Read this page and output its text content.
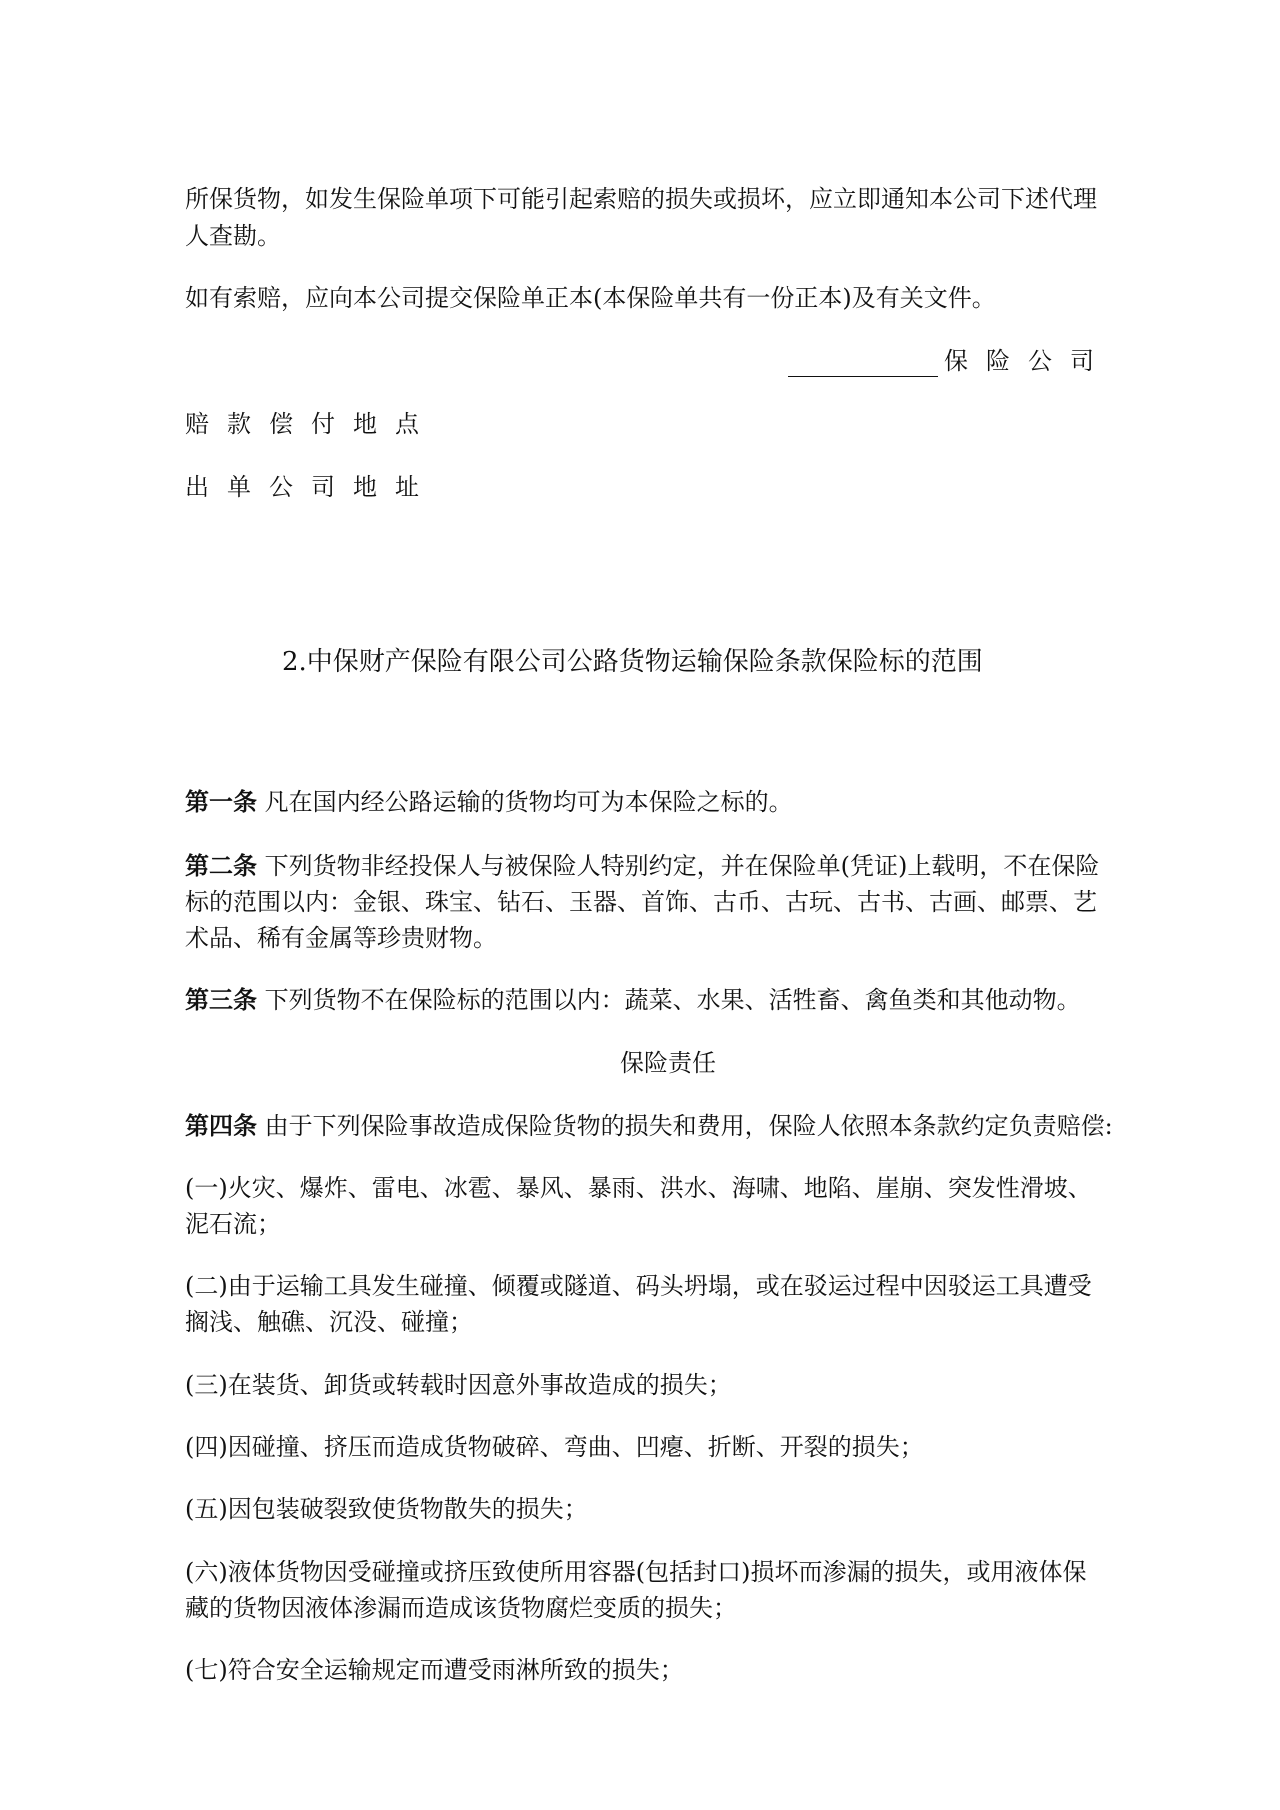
所保货物，如发生保险单项下可能引起索赔的损失或损坏，应立即通知本公司下述代理
人查勘。
如有索赔，应向本公司提交保险单正本(本保险单共有一份正本)及有关文件。
保险公司
赔款偿付地点
出单公司地址
2.中保财产保险有限公司公路货物运输保险条款保险标的范围
第一条 凡在国内经公路运输的货物均可为本保险之标的。
第二条 下列货物非经投保人与被保险人特别约定，并在保险单(凭证)上载明，不在保险
标的范围以内：金银、珠宝、钻石、玉器、首饰、古币、古玩、古书、古画、邮票、艺
术品、稀有金属等珍贵财物。
第三条 下列货物不在保险标的范围以内：蔬菜、水果、活牲畜、禽鱼类和其他动物。
保险责任
第四条 由于下列保险事故造成保险货物的损失和费用，保险人依照本条款约定负责赔偿:
(一)火灾、爆炸、雷电、冰雹、暴风、暴雨、洪水、海啸、地陷、崖崩、突发性滑坡、
泥石流；
(二)由于运输工具发生碰撞、倾覆或隧道、码头坍塌，或在驳运过程中因驳运工具遭受
搁浅、触礁、沉没、碰撞；
(三)在装货、卸货或转载时因意外事故造成的损失；
(四)因碰撞、挤压而造成货物破碎、弯曲、凹瘪、折断、开裂的损失；
(五)因包装破裂致使货物散失的损失；
(六)液体货物因受碰撞或挤压致使所用容器(包括封口)损坏而渗漏的损失，或用液体保
藏的货物因液体渗漏而造成该货物腐烂变质的损失；
(七)符合安全运输规定而遭受雨淋所致的损失；
